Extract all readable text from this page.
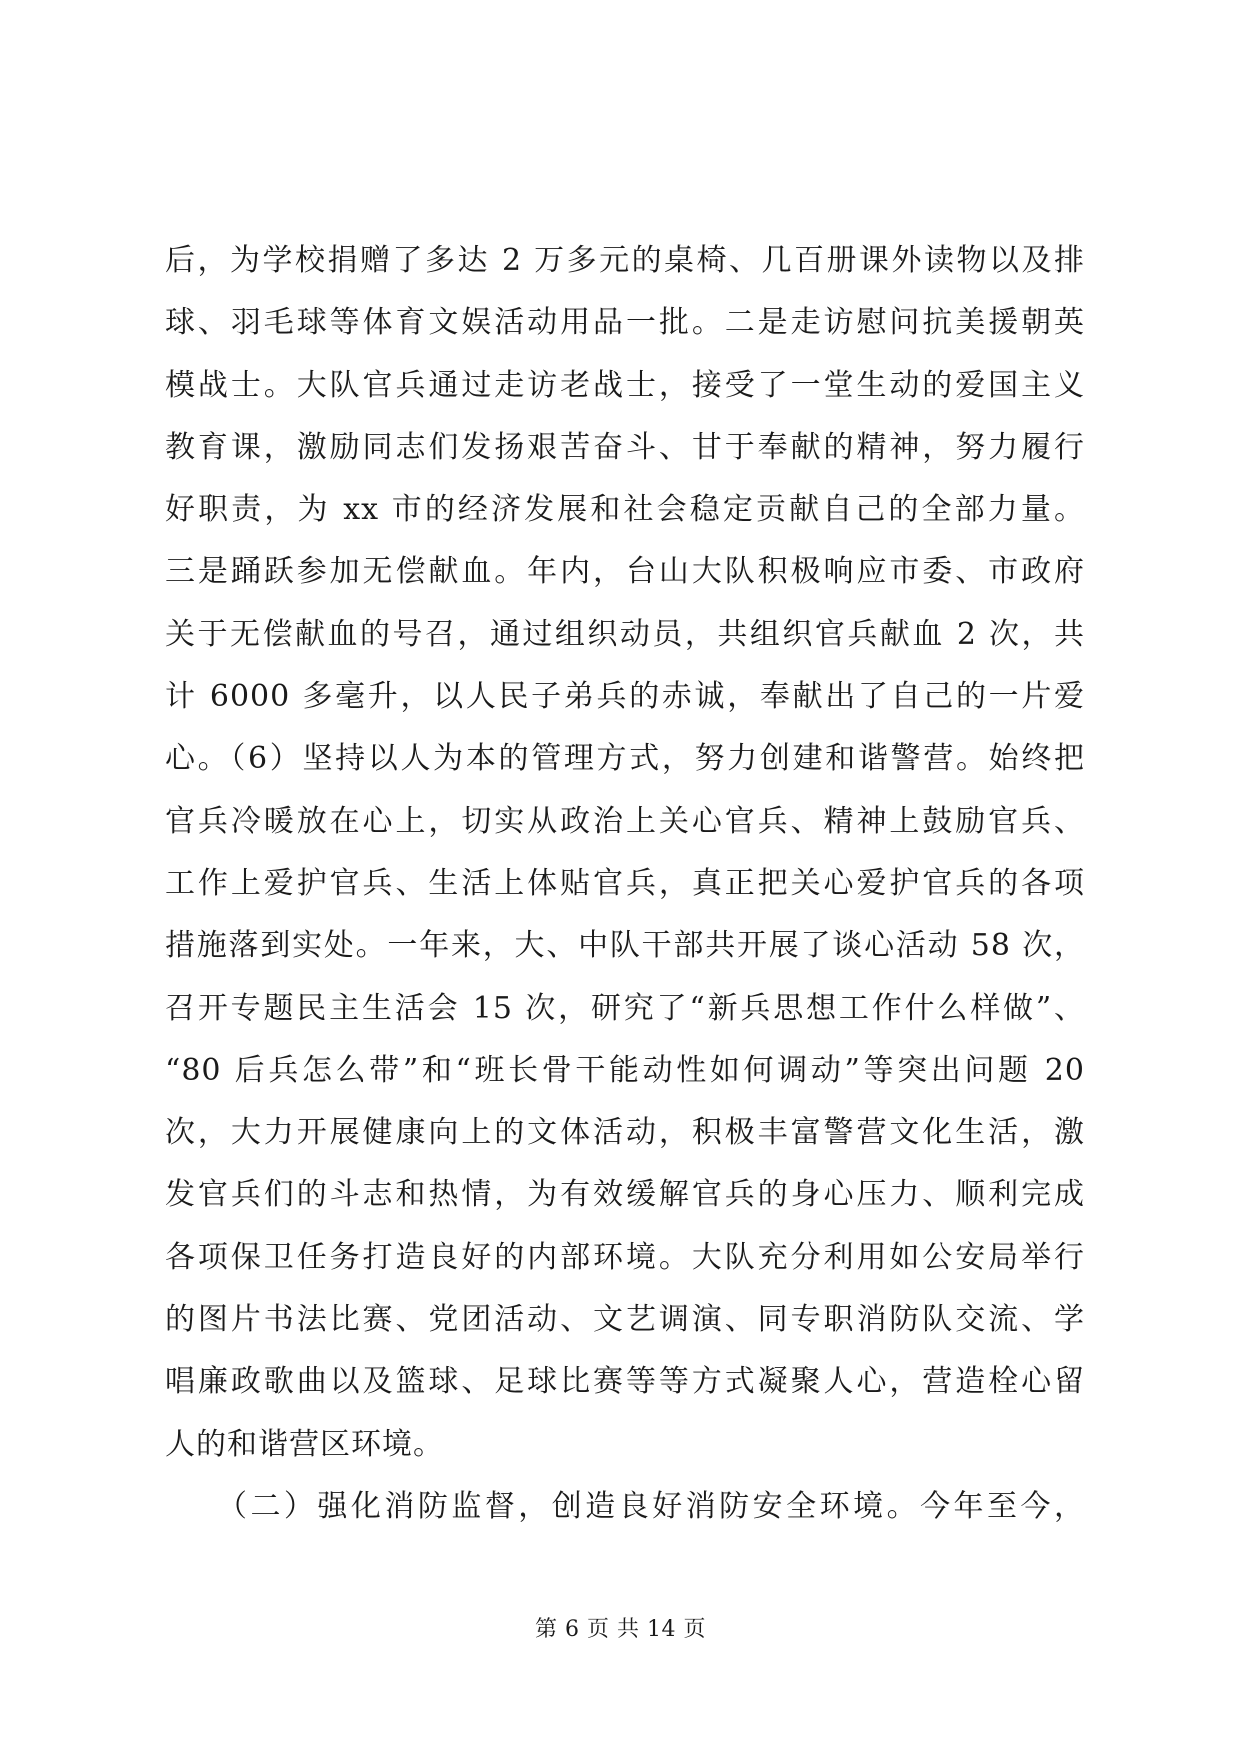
后，为学校捐赠了多达 2 万多元的桌椅、几百册课外读物以及排
球、羽毛球等体育文娱活动用品一批。二是走访慰问抗美援朝英
模战士。大队官兵通过走访老战士，接受了一堂生动的爱国主义
教育课，激励同志们发扬艰苦奋斗、甘于奉献的精神，努力履行
好职责，为 xx 市的经济发展和社会稳定贡献自己的全部力量。
三是踊跃参加无偿献血。年内，台山大队积极响应市委、市政府
关于无偿献血的号召，通过组织动员，共组织官兵献血 2 次，共
计 6000 多毫升，以人民子弟兵的赤诚，奉献出了自己的一片爱
心。（6）坚持以人为本的管理方式，努力创建和谐警营。始终把
官兵冷暖放在心上，切实从政治上关心官兵、精神上鼓励官兵、
工作上爱护官兵、生活上体贴官兵，真正把关心爱护官兵的各项
措施落到实处。一年来，大、中队干部共开展了谈心活动 58 次，
召开专题民主生活会 15 次，研究了“新兵思想工作什么样做”、
“80 后兵怎么带”和“班长骨干能动性如何调动”等突出问题 20
次，大力开展健康向上的文体活动，积极丰富警营文化生活，激
发官兵们的斗志和热情，为有效缓解官兵的身心压力、顺利完成
各项保卫任务打造良好的内部环境。大队充分利用如公安局举行
的图片书法比赛、党团活动、文艺调演、同专职消防队交流、学
唱廉政歌曲以及篮球、足球比赛等等方式凝聚人心，营造栓心留
人的和谐营区环境。
　　（二）强化消防监督，创造良好消防安全环境。今年至今，
第 6 页 共 14 页
